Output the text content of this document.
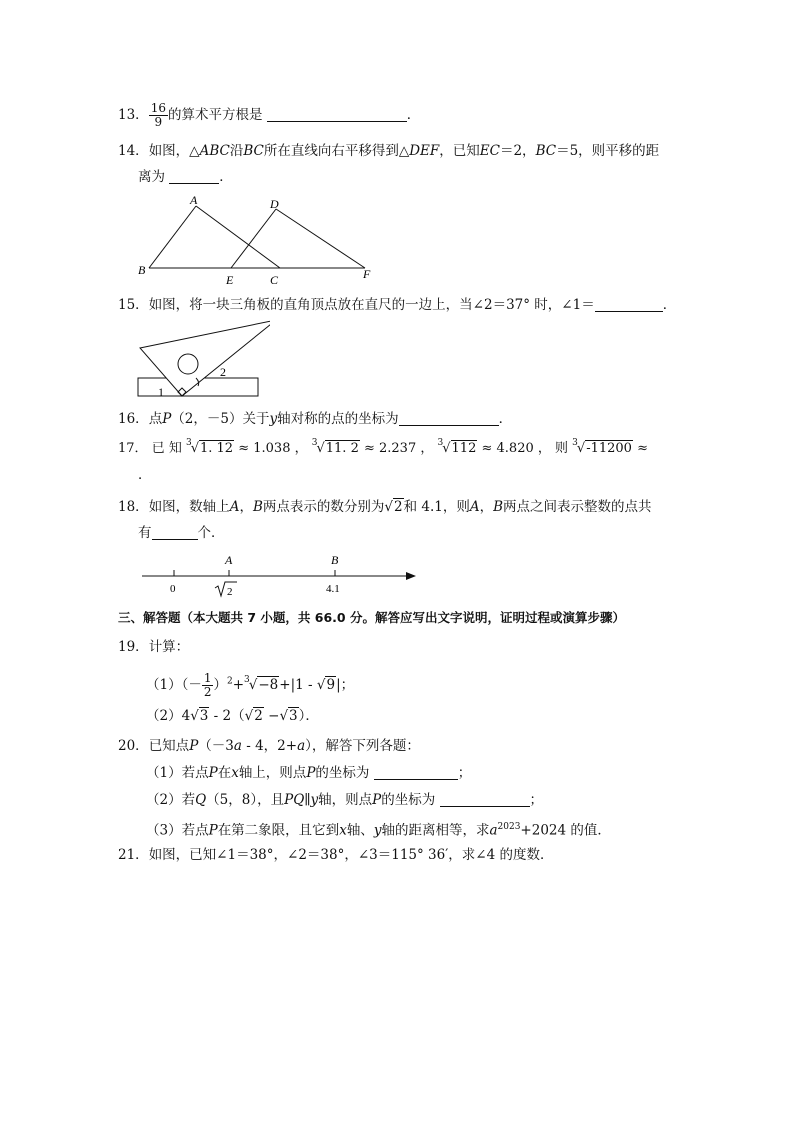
13． $\frac{16}{9}$ 的算术平方根是	．
14．如图，△ABC沿BC所在直线向右平移得到△DEF，已知EC＝2，BC＝5，则平移的距
离为	．
A
B
C
D
E	F
15．如图，将一块三角板的直角顶点放在直尺的一边上，当∠2＝37° 时，∠1＝	．
1
2
16．点P（2，－5）关于y轴对称的点的坐标为	．
17． 已 知 $^3$√1. 12 ≈ 1.038 ， $^3$√11. 2 ≈ 2.237 ， $^3$√112 ≈ 4.820 ， 则 $^3$√-11200 ≈
．
18．如图，数轴上A，B两点表示的数分别为√2和 4.1，则A，B两点之间表示整数的点共
有	个．
0
A	B
2	4.1
三、解答题（本大题共 7 小题，共 66.0 分。解答应写出文字说明，证明过程或演算步骤）
19．计算：
$(1)(- \frac{1}{2} )^2+^3√-8+|1 - √9|$；
（2）4√3 - 2（√2 −√3）．
20．已知点P（－3a - 4，2+a），解答下列各题：
（1）若点P在x轴上，则点P的坐标为	；
（2）若Q（5，8），且PQ∥y轴，则点P的坐标为	；
（3）若点P在第二象限，且它到x轴、y轴的距离相等，求$a^{2023}+2024$ 的值．
21．如图，已知∠1＝38°，∠2＝38°，∠3＝115° 36′，求∠4 的度数．
